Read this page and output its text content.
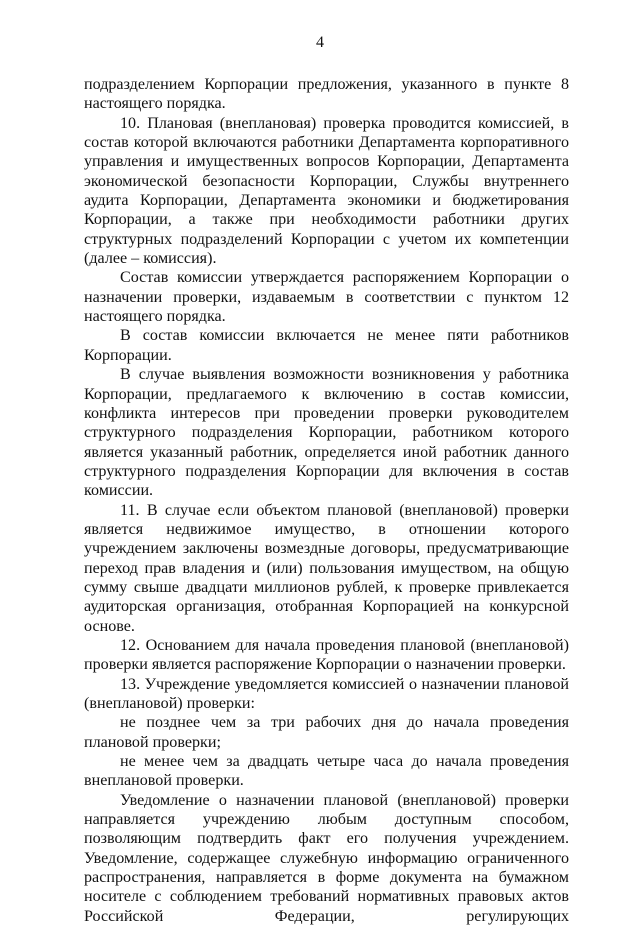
4

подразделением Корпорации предложения, указанного в пункте 8 настоящего порядка.

10. Плановая (внеплановая) проверка проводится комиссией, в состав которой включаются работники Департамента корпоративного управления и имущественных вопросов Корпорации, Департамента экономической безопасности Корпорации, Службы внутреннего аудита Корпорации, Департамента экономики и бюджетирования Корпорации, а также при необходимости работники других структурных подразделений Корпорации с учетом их компетенции (далее – комиссия).

Состав комиссии утверждается распоряжением Корпорации о назначении проверки, издаваемым в соответствии с пунктом 12 настоящего порядка.

В состав комиссии включается не менее пяти работников Корпорации.

В случае выявления возможности возникновения у работника Корпорации, предлагаемого к включению в состав комиссии, конфликта интересов при проведении проверки руководителем структурного подразделения Корпорации, работником которого является указанный работник, определяется иной работник данного структурного подразделения Корпорации для включения в состав комиссии.

11. В случае если объектом плановой (внеплановой) проверки является недвижимое имущество, в отношении которого учреждением заключены возмездные договоры, предусматривающие переход прав владения и (или) пользования имуществом, на общую сумму свыше двадцати миллионов рублей, к проверке привлекается аудиторская организация, отобранная Корпорацией на конкурсной основе.

12. Основанием для начала проведения плановой (внеплановой) проверки является распоряжение Корпорации о назначении проверки.

13. Учреждение уведомляется комиссией о назначении плановой (внеплановой) проверки:

не позднее чем за три рабочих дня до начала проведения плановой проверки;

не менее чем за двадцать четыре часа до начала проведения внеплановой проверки.

Уведомление о назначении плановой (внеплановой) проверки направляется учреждению любым доступным способом, позволяющим подтвердить факт его получения учреждением. Уведомление, содержащее служебную информацию ограниченного распространения, направляется в форме документа на бумажном носителе с соблюдением требований нормативных правовых актов Российской Федерации, регулирующих
